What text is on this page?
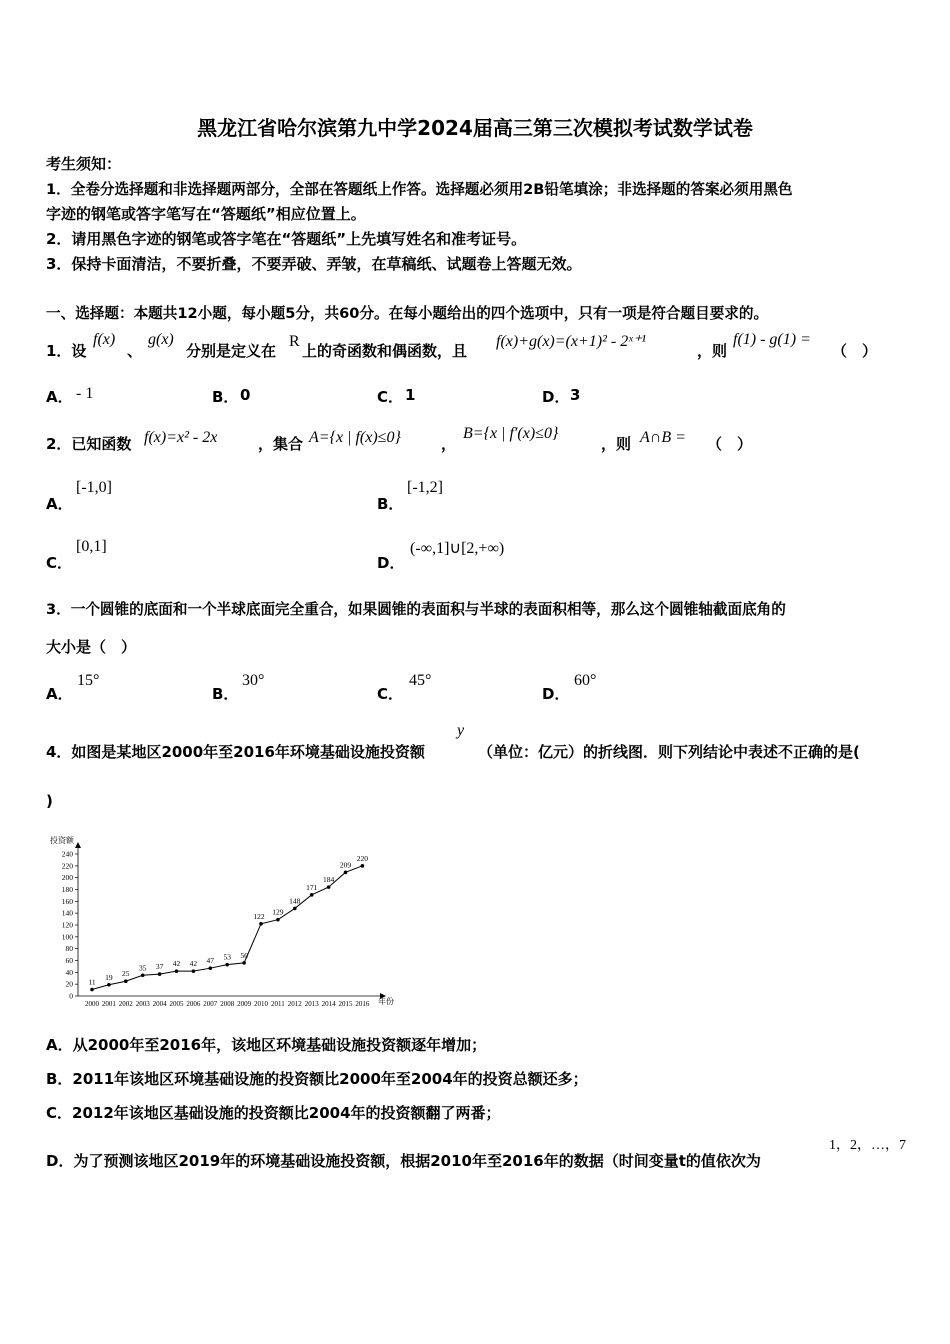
黑龙江省哈尔滨第九中学2024届高三第三次模拟考试数学试卷
考生须知：
1．全卷分选择题和非选择题两部分，全部在答题纸上作答。选择题必须用2B铅笔填涂；非选择题的答案必须用黑色
字迹的钢笔或答字笔写在“答题纸”相应位置上。
2．请用黑色字迹的钢笔或答字笔在“答题纸”上先填写姓名和准考证号。
3．保持卡面清洁，不要折叠，不要弄破、弄皱，在草稿纸、试题卷上答题无效。
一、选择题：本题共12小题，每小题5分，共60分。在每小题给出的四个选项中，只有一项是符合题目要求的。
1．设
f(x)
、
g(x)
分别是定义在
R
上的奇函数和偶函数，且
f(x)+g(x)=(x+1)² - 2ˣ⁺¹
，则
f(1) - g(1) =
（　）
A． - 1	B． 0	C． 1	D． 3
2．已知函数 f(x)=x² - 2x	，集合 A={x | f(x)≤0}	，
B={x | f′(x)≤0}
，则 A∩B = （　）
A．
[-1,0]
B．
[-1,2]
C．
[0,1]
D．
(-∞,1]∪[2,+∞)
3．一个圆锥的底面和一个半球底面完全重合，如果圆锥的表面积与半球的表面积相等，那么这个圆锥轴截面底角的
大小是（　）
A．
15°
B．
30°
C．
45°
D．
60°
4．如图是某地区2000年至2016年环境基础设施投资额
y
（单位：亿元）的折线图．则下列结论中表述不正确的是(
)
投资额
年份
0
20
40
60
80
100
120
140
160
180
200
220
240
2000 2001 2002 2003 2004 2005 2006 2007 2008 2009 2010 2011 2012 2013 2014 2015 2016
11
19 25
35 37 42 42 47 53 56
122 129
148
171
184
209
220
A．从2000年至2016年，该地区环境基础设施投资额逐年增加；
B．2011年该地区环境基础设施的投资额比2000年至2004年的投资总额还多；
C．2012年该地区基础设施的投资额比2004年的投资额翻了两番；
D．为了预测该地区2019年的环境基础设施投资额，根据2010年至2016年的数据（时间变量t的值依次为
1，2，…，7
